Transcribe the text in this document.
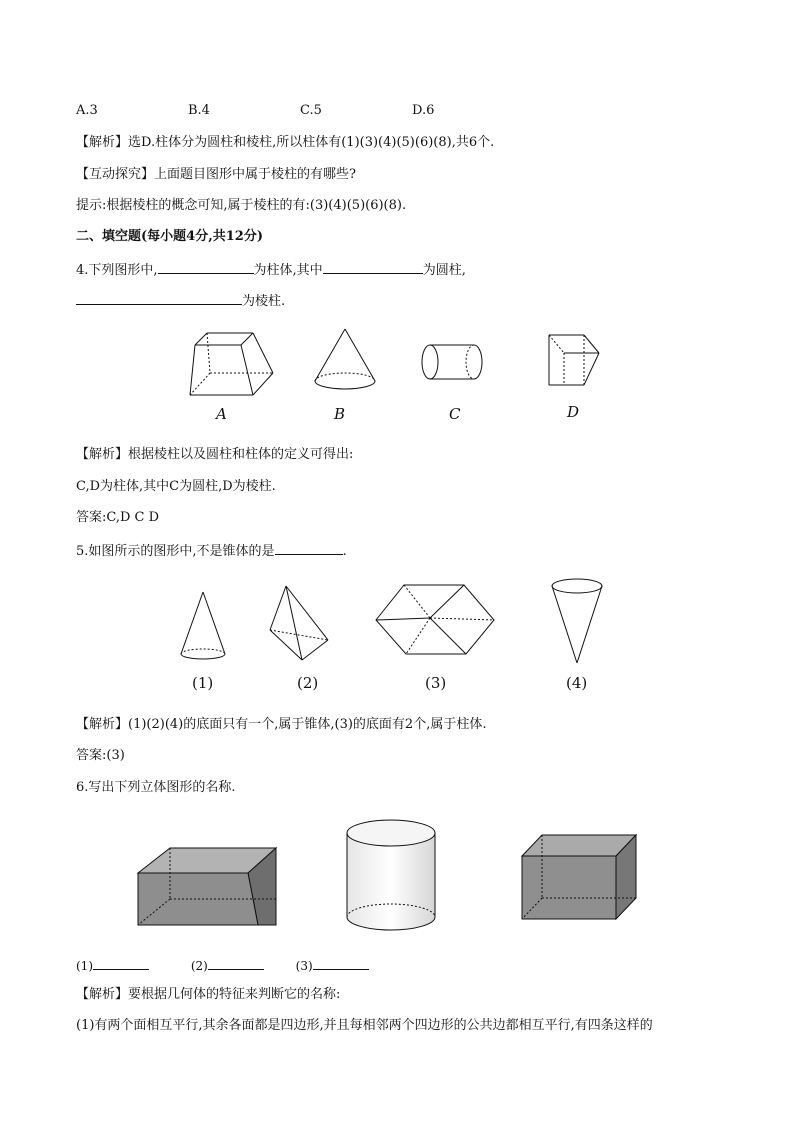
A.3	B.4	C.5	D.6
【解析】选D.柱体分为圆柱和棱柱,所以柱体有(1)(3)(4)(5)(6)(8),共6个.
【互动探究】上面题目图形中属于棱柱的有哪些?
提示:根据棱柱的概念可知,属于棱柱的有:(3)(4)(5)(6)(8).
二、填空题(每小题4分,共12分)
4.下列图形中,	为柱体,其中	为圆柱,
为棱柱.
A	B	C	D
【解析】根据棱柱以及圆柱和柱体的定义可得出:
C,D为柱体,其中C为圆柱,D为棱柱.
答案:C,D C D
5.如图所示的图形中,不是锥体的是	.
(1)	(2)	(3)	(4)
【解析】(1)(2)(4)的底面只有一个,属于锥体,(3)的底面有2个,属于柱体.
答案:(3)
6.写出下列立体图形的名称.
(1)	(2)	(3)
【解析】要根据几何体的特征来判断它的名称:
(1)有两个面相互平行,其余各面都是四边形,并且每相邻两个四边形的公共边都相互平行,有四条这样的
